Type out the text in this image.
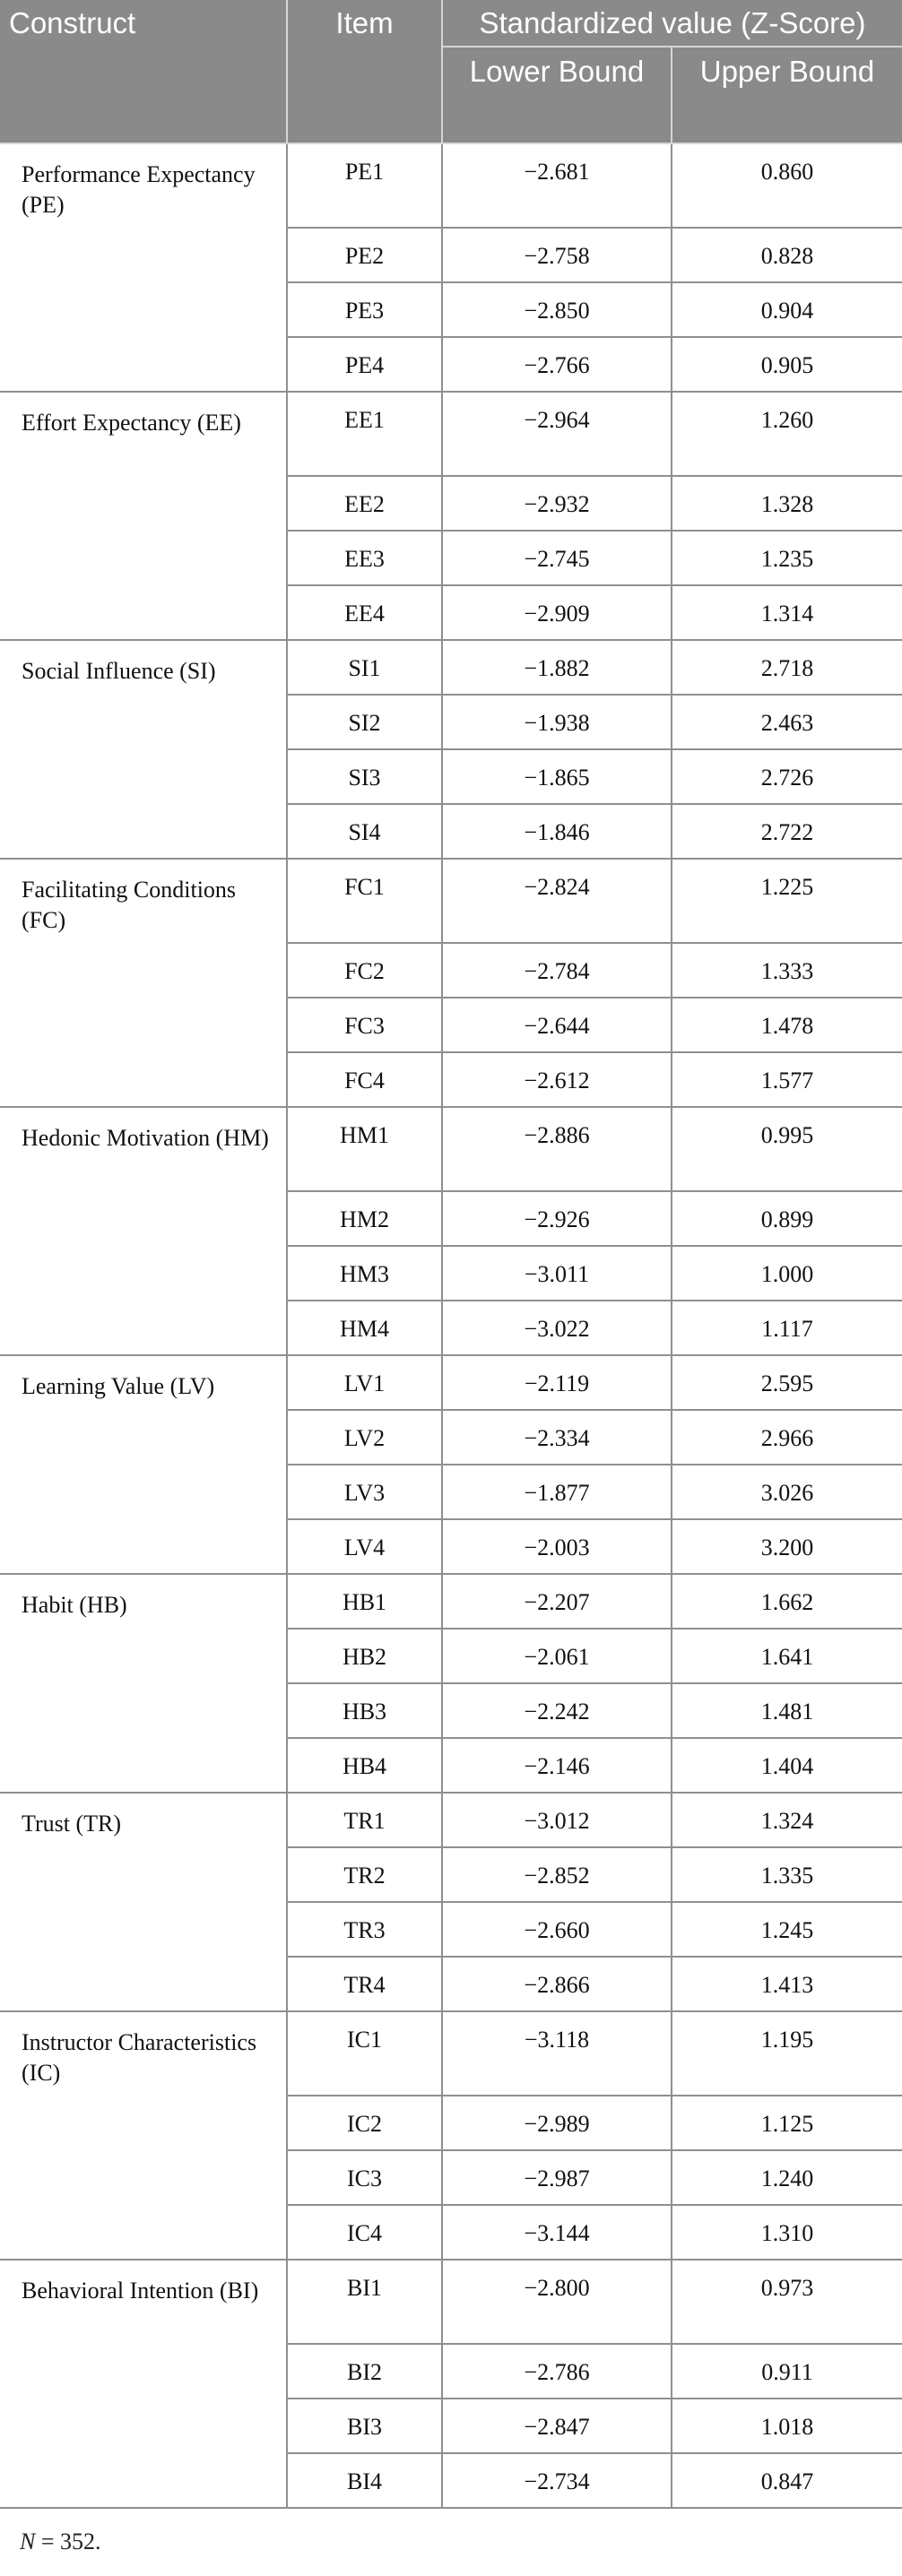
Construct	Item	Standardized value (Z-Score)	
		Lower Bound	Upper Bound
Performance Expectancy (PE)	PE1	−2.681	0.860
	PE2	−2.758	0.828
	PE3	−2.850	0.904
	PE4	−2.766	0.905
Effort Expectancy (EE)	EE1	−2.964	1.260
	EE2	−2.932	1.328
	EE3	−2.745	1.235
	EE4	−2.909	1.314
Social Influence (SI)	SI1	−1.882	2.718
	SI2	−1.938	2.463
	SI3	−1.865	2.726
	SI4	−1.846	2.722
Facilitating Conditions (FC)	FC1	−2.824	1.225
	FC2	−2.784	1.333
	FC3	−2.644	1.478
	FC4	−2.612	1.577
Hedonic Motivation (HM)	HM1	−2.886	0.995
	HM2	−2.926	0.899
	HM3	−3.011	1.000
	HM4	−3.022	1.117
Learning Value (LV)	LV1	−2.119	2.595
	LV2	−2.334	2.966
	LV3	−1.877	3.026
	LV4	−2.003	3.200
Habit (HB)	HB1	−2.207	1.662
	HB2	−2.061	1.641
	HB3	−2.242	1.481
	HB4	−2.146	1.404
Trust (TR)	TR1	−3.012	1.324
	TR2	−2.852	1.335
	TR3	−2.660	1.245
	TR4	−2.866	1.413
Instructor Characteristics (IC)	IC1	−3.118	1.195
	IC2	−2.989	1.125
	IC3	−2.987	1.240
	IC4	−3.144	1.310
Behavioral Intention (BI)	BI1	−2.800	0.973
	BI2	−2.786	0.911
	BI3	−2.847	1.018
	BI4	−2.734	0.847
N = 352.
